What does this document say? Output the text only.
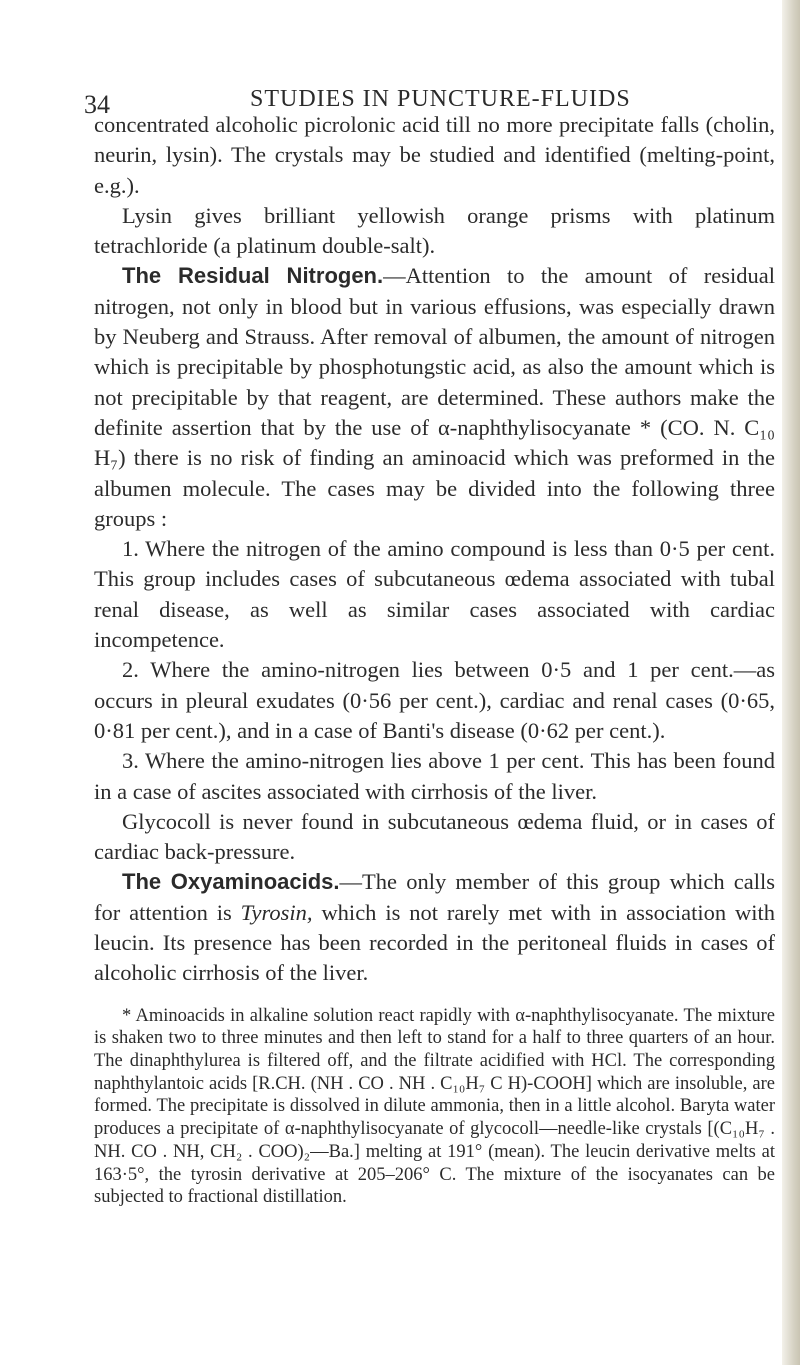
34	STUDIES IN PUNCTURE-FLUIDS

concentrated alcoholic picrolonic acid till no more precipitate falls (cholin, neurin, lysin). The crystals may be studied and identified (melting-point, e.g.).

Lysin gives brilliant yellowish orange prisms with platinum tetrachloride (a platinum double-salt).

The Residual Nitrogen.—Attention to the amount of residual nitrogen, not only in blood but in various effusions, was especially drawn by Neuberg and Strauss. After removal of albumen, the amount of nitrogen which is precipitable by phosphotungstic acid, as also the amount which is not precipitable by that reagent, are determined. These authors make the definite assertion that by the use of α-naphthylisocyanate * (CO. N. C₁₀ H₇) there is no risk of finding an aminoacid which was preformed in the albumen molecule. The cases may be divided into the following three groups :

1. Where the nitrogen of the amino compound is less than 0·5 per cent. This group includes cases of subcutaneous œdema associated with tubal renal disease, as well as similar cases associated with cardiac incompetence.

2. Where the amino-nitrogen lies between 0·5 and 1 per cent.—as occurs in pleural exudates (0·56 per cent.), cardiac and renal cases (0·65, 0·81 per cent.), and in a case of Banti's disease (0·62 per cent.).

3. Where the amino-nitrogen lies above 1 per cent. This has been found in a case of ascites associated with cirrhosis of the liver.

Glycocoll is never found in subcutaneous œdema fluid, or in cases of cardiac back-pressure.

The Oxyaminoacids.—The only member of this group which calls for attention is Tyrosin, which is not rarely met with in association with leucin. Its presence has been recorded in the peritoneal fluids in cases of alcoholic cirrhosis of the liver.

* Aminoacids in alkaline solution react rapidly with α-naphthylisocyanate. The mixture is shaken two to three minutes and then left to stand for a half to three quarters of an hour. The dinaphthylurea is filtered off, and the filtrate acidified with HCl. The corresponding naphthylantoic acids [R.CH. (NH . CO . NH . C₁₀H₇ C H)-COOH] which are insoluble, are formed. The precipitate is dissolved in dilute ammonia, then in a little alcohol. Baryta water produces a precipitate of α-naphthylisocyanate of glycocoll—needle-like crystals [(C₁₀H₇ . NH. CO . NH, CH₂ . COO)₂—Ba.] melting at 191° (mean). The leucin derivative melts at 163·5°, the tyrosin derivative at 205–206° C. The mixture of the isocyanates can be subjected to fractional distillation.
